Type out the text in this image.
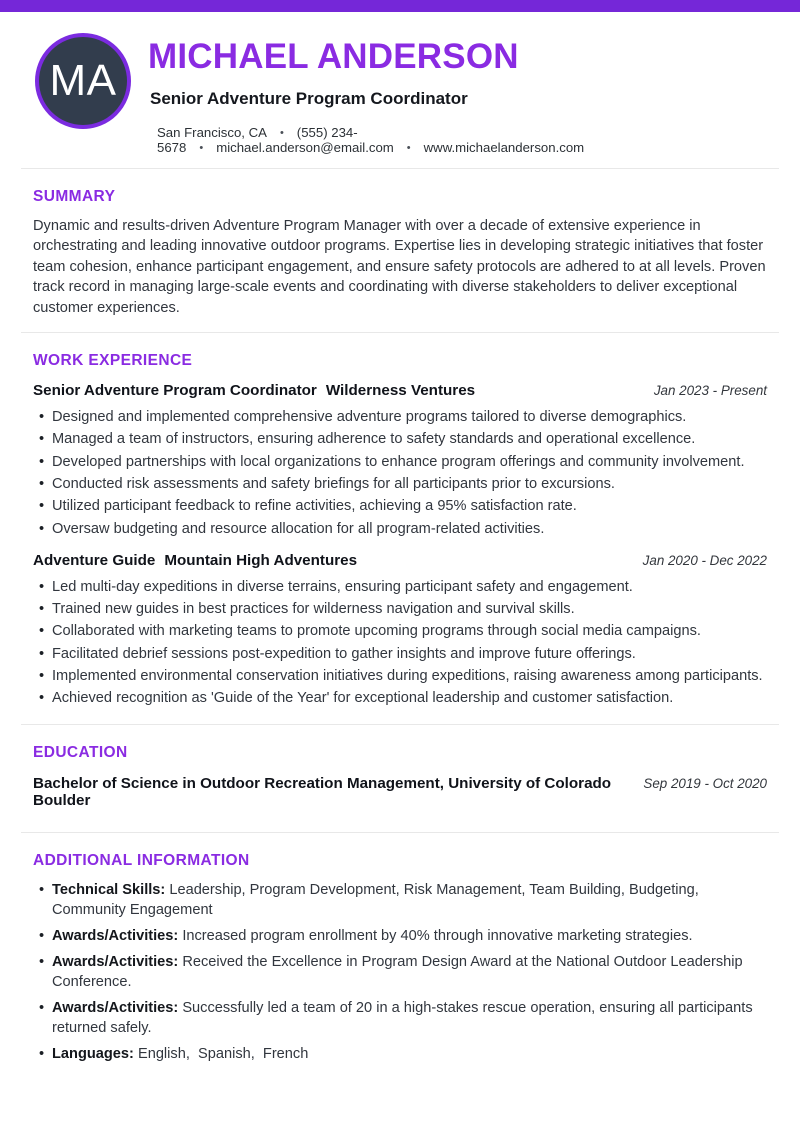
MA MICHAEL ANDERSON
Senior Adventure Program Coordinator
San Francisco, CA • (555) 234-5678 • michael.anderson@email.com • www.michaelanderson.com
SUMMARY

Dynamic and results-driven Adventure Program Manager with over a decade of extensive experience in orchestrating and leading innovative outdoor programs. Expertise lies in developing strategic initiatives that foster team cohesion, enhance participant engagement, and ensure safety protocols are adhered to at all levels. Proven track record in managing large-scale events and coordinating with diverse stakeholders to deliver exceptional customer experiences.

WORK EXPERIENCE
Senior Adventure Program Coordinator Wilderness Ventures	Jan 2023 - Present
• Designed and implemented comprehensive adventure programs tailored to diverse demographics.
• Managed a team of instructors, ensuring adherence to safety standards and operational excellence.
• Developed partnerships with local organizations to enhance program offerings and community involvement.
• Conducted risk assessments and safety briefings for all participants prior to excursions.
• Utilized participant feedback to refine activities, achieving a 95% satisfaction rate.
• Oversaw budgeting and resource allocation for all program-related activities.
Adventure Guide Mountain High Adventures	Jan 2020 - Dec 2022
• Led multi-day expeditions in diverse terrains, ensuring participant safety and engagement.
• Trained new guides in best practices for wilderness navigation and survival skills.
• Collaborated with marketing teams to promote upcoming programs through social media campaigns.
• Facilitated debrief sessions post-expedition to gather insights and improve future offerings.
• Implemented environmental conservation initiatives during expeditions, raising awareness among participants.
• Achieved recognition as 'Guide of the Year' for exceptional leadership and customer satisfaction.
EDUCATION
Bachelor of Science in Outdoor Recreation Management, University of Colorado Boulder
Sep 2019 - Oct 2020
ADDITIONAL INFORMATION
• Technical Skills: Leadership, Program Development, Risk Management, Team Building, Budgeting, Community Engagement
• Awards/Activities: Increased program enrollment by 40% through innovative marketing strategies.
• Awards/Activities: Received the Excellence in Program Design Award at the National Outdoor Leadership Conference.
• Awards/Activities: Successfully led a team of 20 in a high-stakes rescue operation, ensuring all participants returned safely.
• Languages: English,  Spanish,  French
